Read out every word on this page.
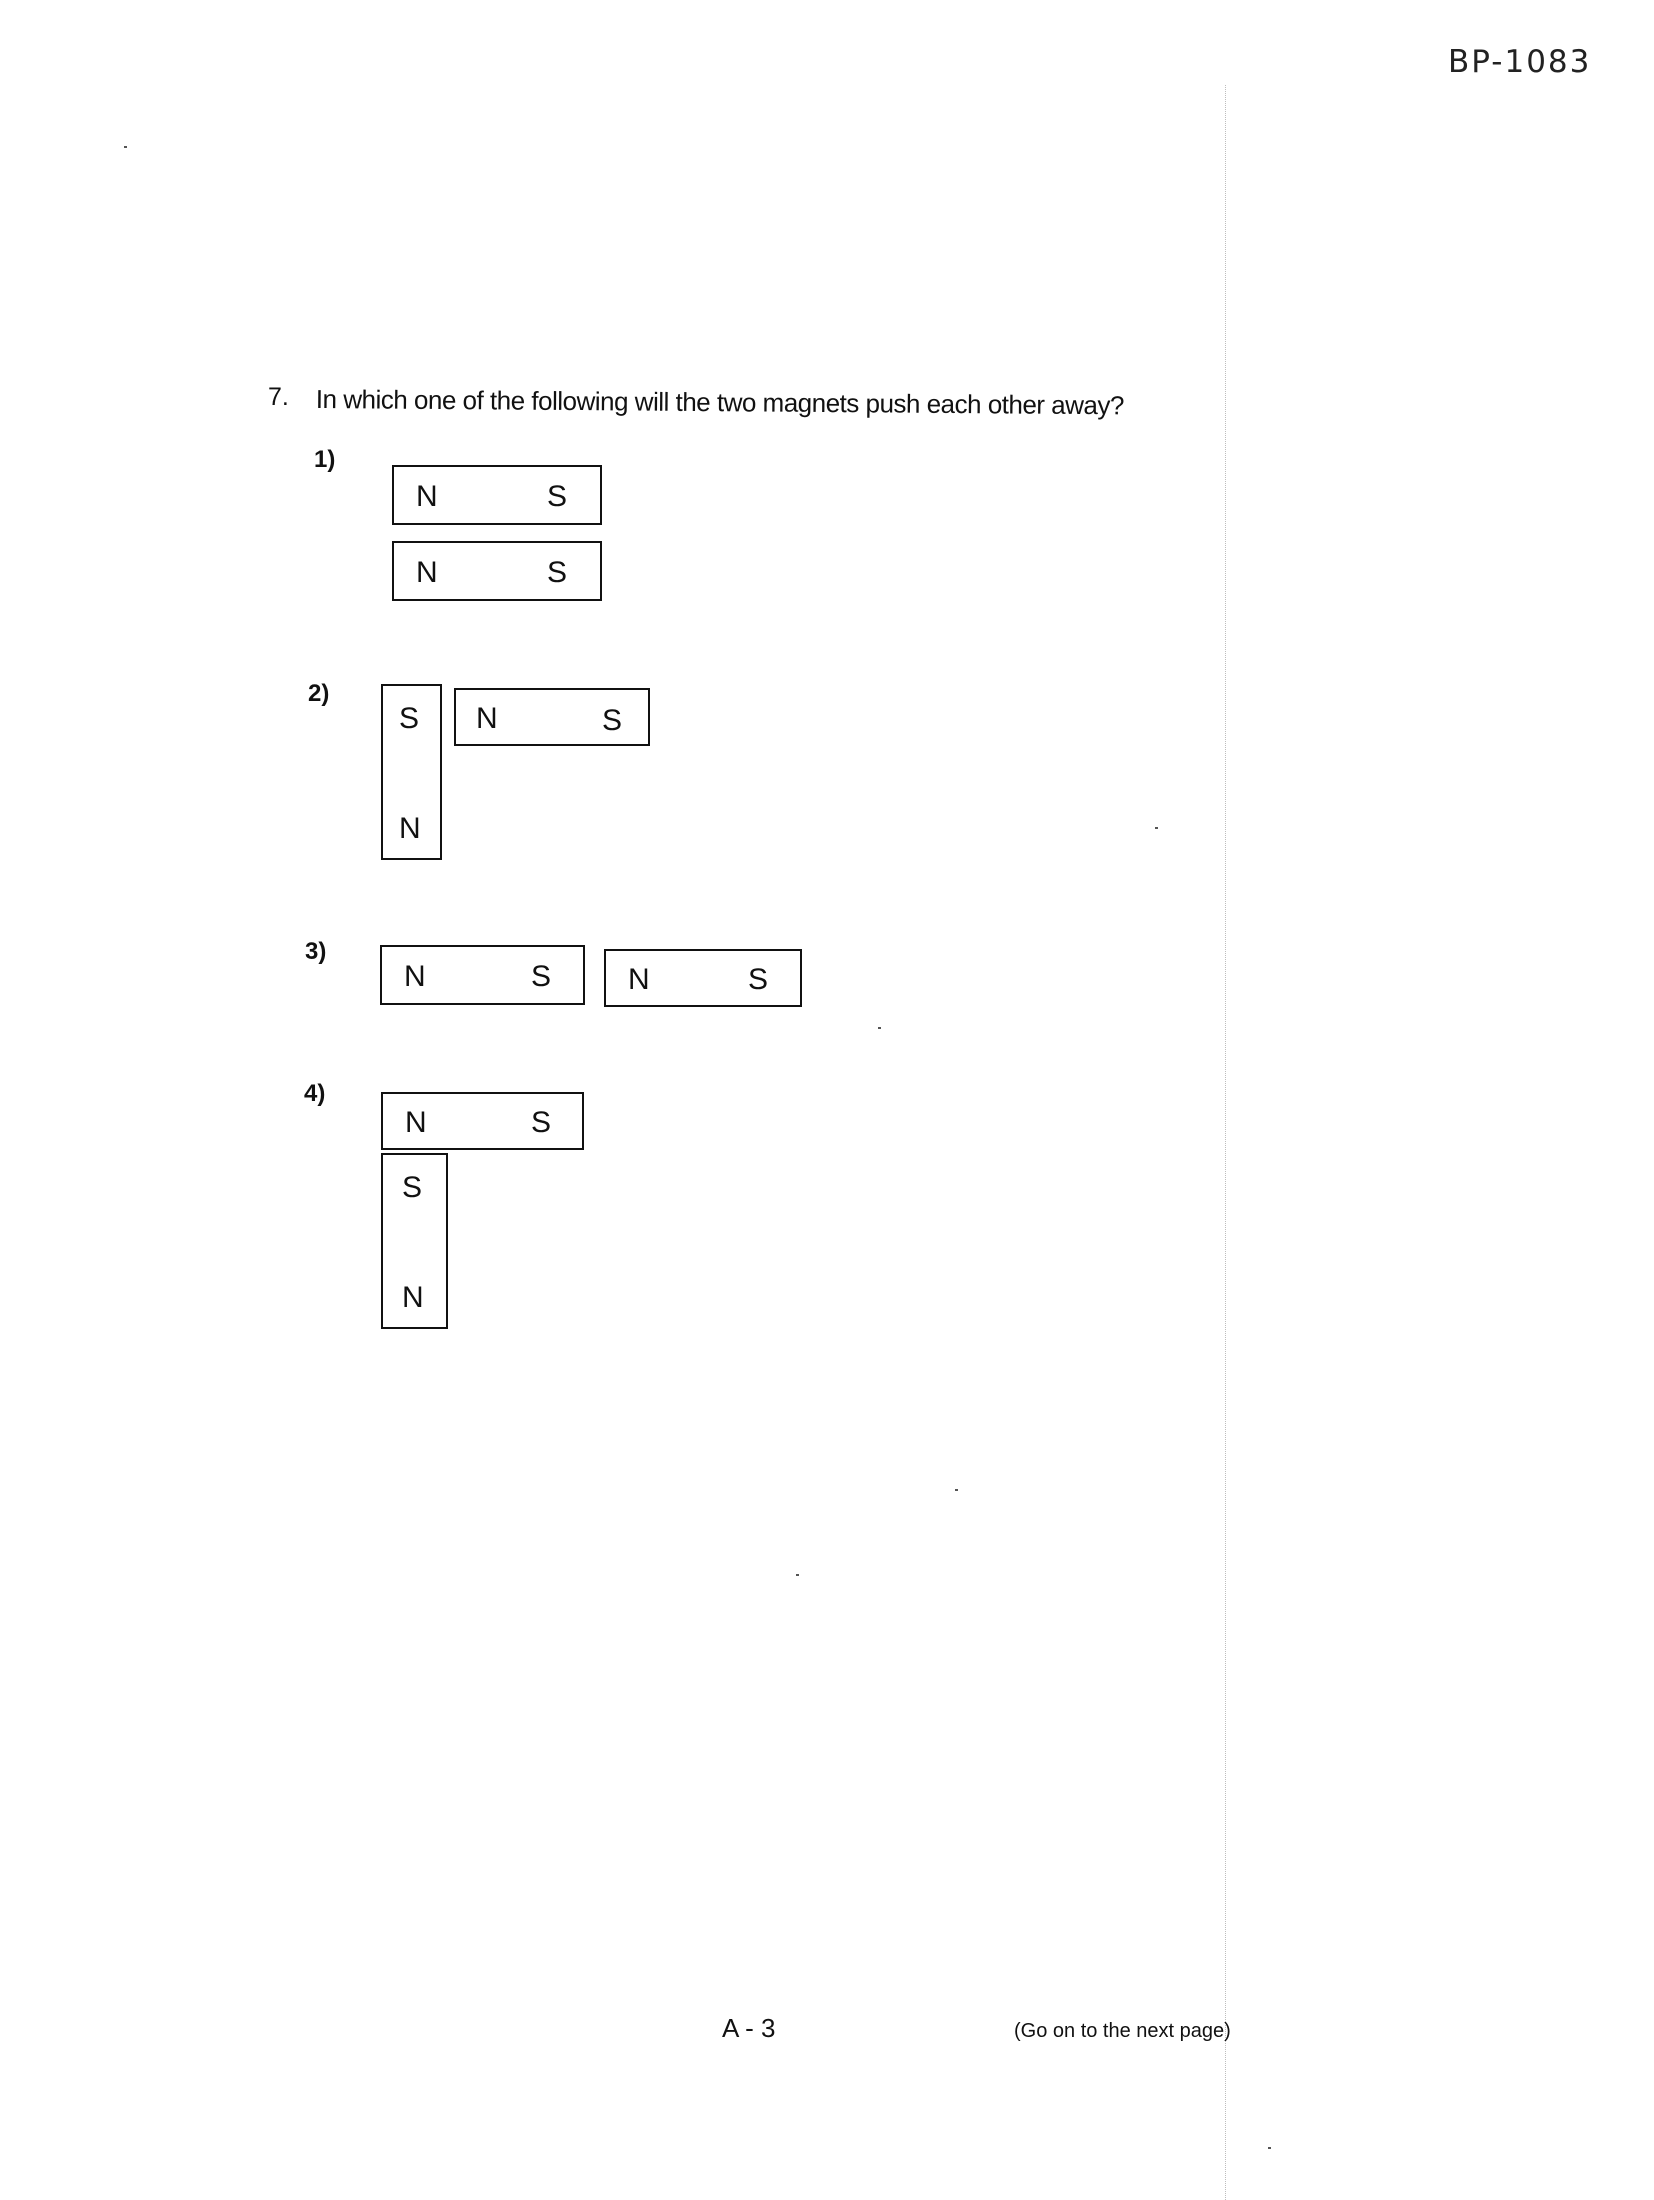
BP-1083
7. In which one of the following will the two magnets push each other away?
1)
N	S
N	S
2)
S
N
N	S
3)
N	S	N	S
4)
N	S
S
N
A - 3	(Go on to the next page)
